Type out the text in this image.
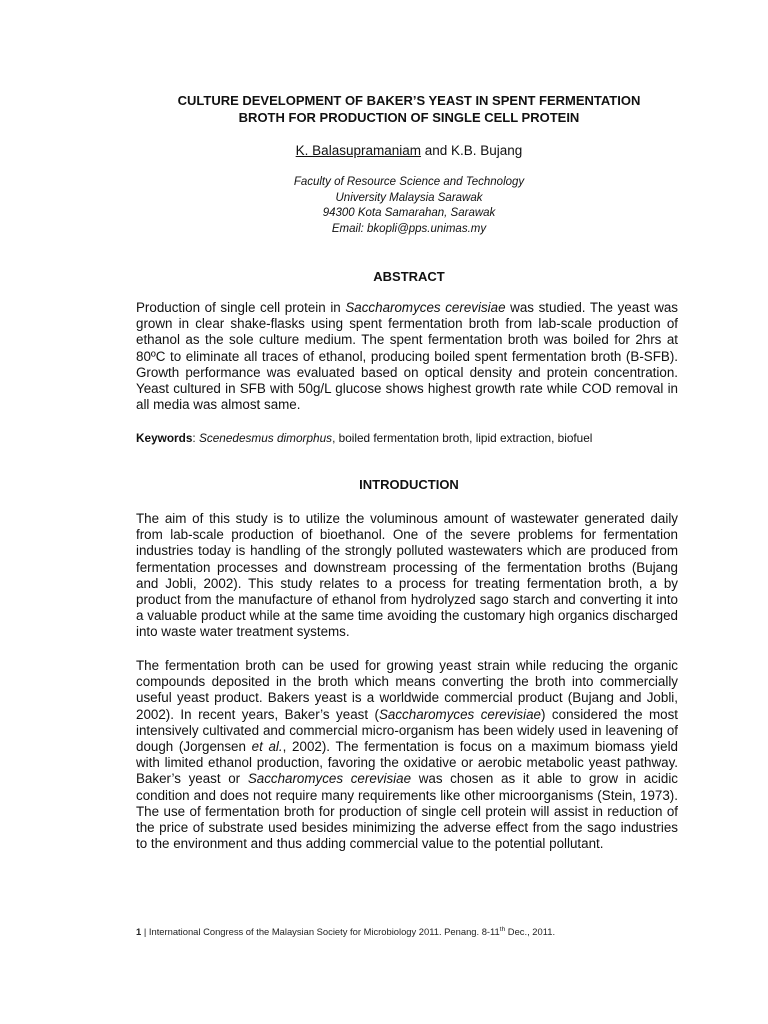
CULTURE DEVELOPMENT OF BAKER’S YEAST IN SPENT FERMENTATION
BROTH FOR PRODUCTION OF SINGLE CELL PROTEIN
K. Balasupramaniam and K.B. Bujang
Faculty of Resource Science and Technology
University Malaysia Sarawak
94300 Kota Samarahan, Sarawak
Email: bkopli@pps.unimas.my
ABSTRACT

Production of single cell protein in Saccharomyces cerevisiae was studied. The yeast was grown in clear shake-flasks using spent fermentation broth from lab-scale production of ethanol as the sole culture medium. The spent fermentation broth was boiled for 2hrs at 80ºC to eliminate all traces of ethanol, producing boiled spent fermentation broth (B-SFB). Growth performance was evaluated based on optical density and protein concentration. Yeast cultured in SFB with 50g/L glucose shows highest growth rate while COD removal in all media was almost same.

Keywords: Scenedesmus dimorphus, boiled fermentation broth, lipid extraction, biofuel

INTRODUCTION

The aim of this study is to utilize the voluminous amount of wastewater generated daily from lab-scale production of bioethanol. One of the severe problems for fermentation industries today is handling of the strongly polluted wastewaters which are produced from fermentation processes and downstream processing of the fermentation broths (Bujang and Jobli, 2002). This study relates to a process for treating fermentation broth, a by product from the manufacture of ethanol from hydrolyzed sago starch and converting it into a valuable product while at the same time avoiding the customary high organics discharged into waste water treatment systems.

The fermentation broth can be used for growing yeast strain while reducing the organic compounds deposited in the broth which means converting the broth into commercially useful yeast product. Bakers yeast is a worldwide commercial product (Bujang and Jobli, 2002). In recent years, Baker’s yeast (Saccharomyces cerevisiae) considered the most intensively cultivated and commercial micro-organism has been widely used in leavening of dough (Jorgensen et al., 2002). The fermentation is focus on a maximum biomass yield with limited ethanol production, favoring the oxidative or aerobic metabolic yeast pathway. Baker’s yeast or Saccharomyces cerevisiae was chosen as it able to grow in acidic condition and does not require many requirements like other microorganisms (Stein, 1973). The use of fermentation broth for production of single cell protein will assist in reduction of the price of substrate used besides minimizing the adverse effect from the sago industries to the environment and thus adding commercial value to the potential pollutant.

1 | International Congress of the Malaysian Society for Microbiology 2011. Penang. 8-11th Dec., 2011.
